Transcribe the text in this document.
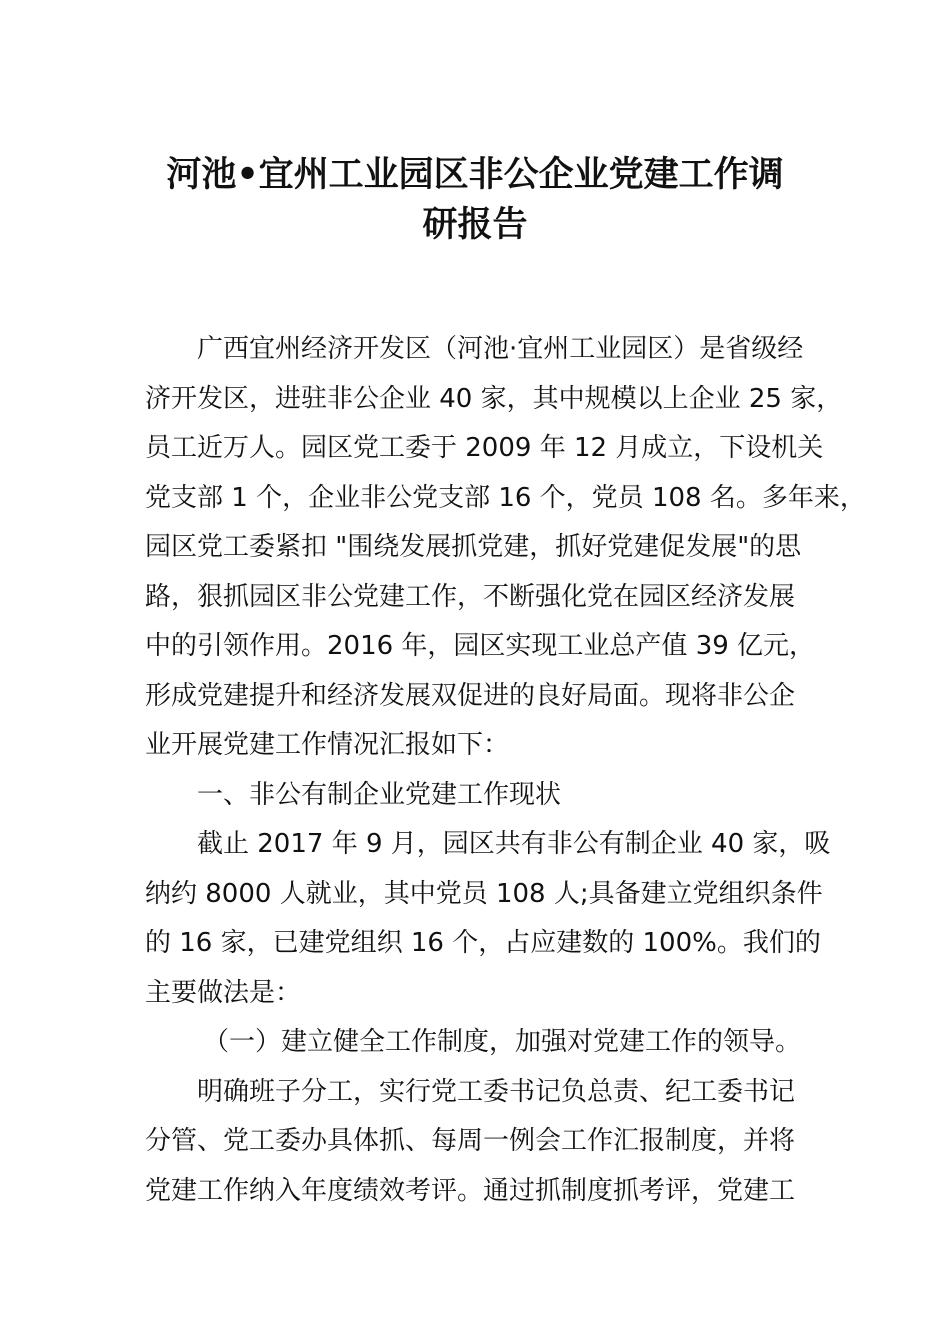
河池•宜州工业园区非公企业党建工作调
研报告
广西宜州经济开发区（河池·宜州工业园区）是省级经
济开发区，进驻非公企业 40 家，其中规模以上企业 25 家，
员工近万人。园区党工委于 2009 年 12 月成立，下设机关
党支部 1 个，企业非公党支部 16 个，党员 108 名。多年来，
园区党工委紧扣 "围绕发展抓党建，抓好党建促发展"的思
路，狠抓园区非公党建工作，不断强化党在园区经济发展
中的引领作用。2016 年，园区实现工业总产值 39 亿元，
形成党建提升和经济发展双促进的良好局面。现将非公企
业开展党建工作情况汇报如下：
一、非公有制企业党建工作现状
截止 2017 年 9 月，园区共有非公有制企业 40 家，吸
纳约 8000 人就业，其中党员 108 人;具备建立党组织条件
的 16 家，已建党组织 16 个，占应建数的 100%。我们的
主要做法是：
（一）建立健全工作制度，加强对党建工作的领导。
明确班子分工，实行党工委书记负总责、纪工委书记
分管、党工委办具体抓、每周一例会工作汇报制度，并将
党建工作纳入年度绩效考评。通过抓制度抓考评，党建工
